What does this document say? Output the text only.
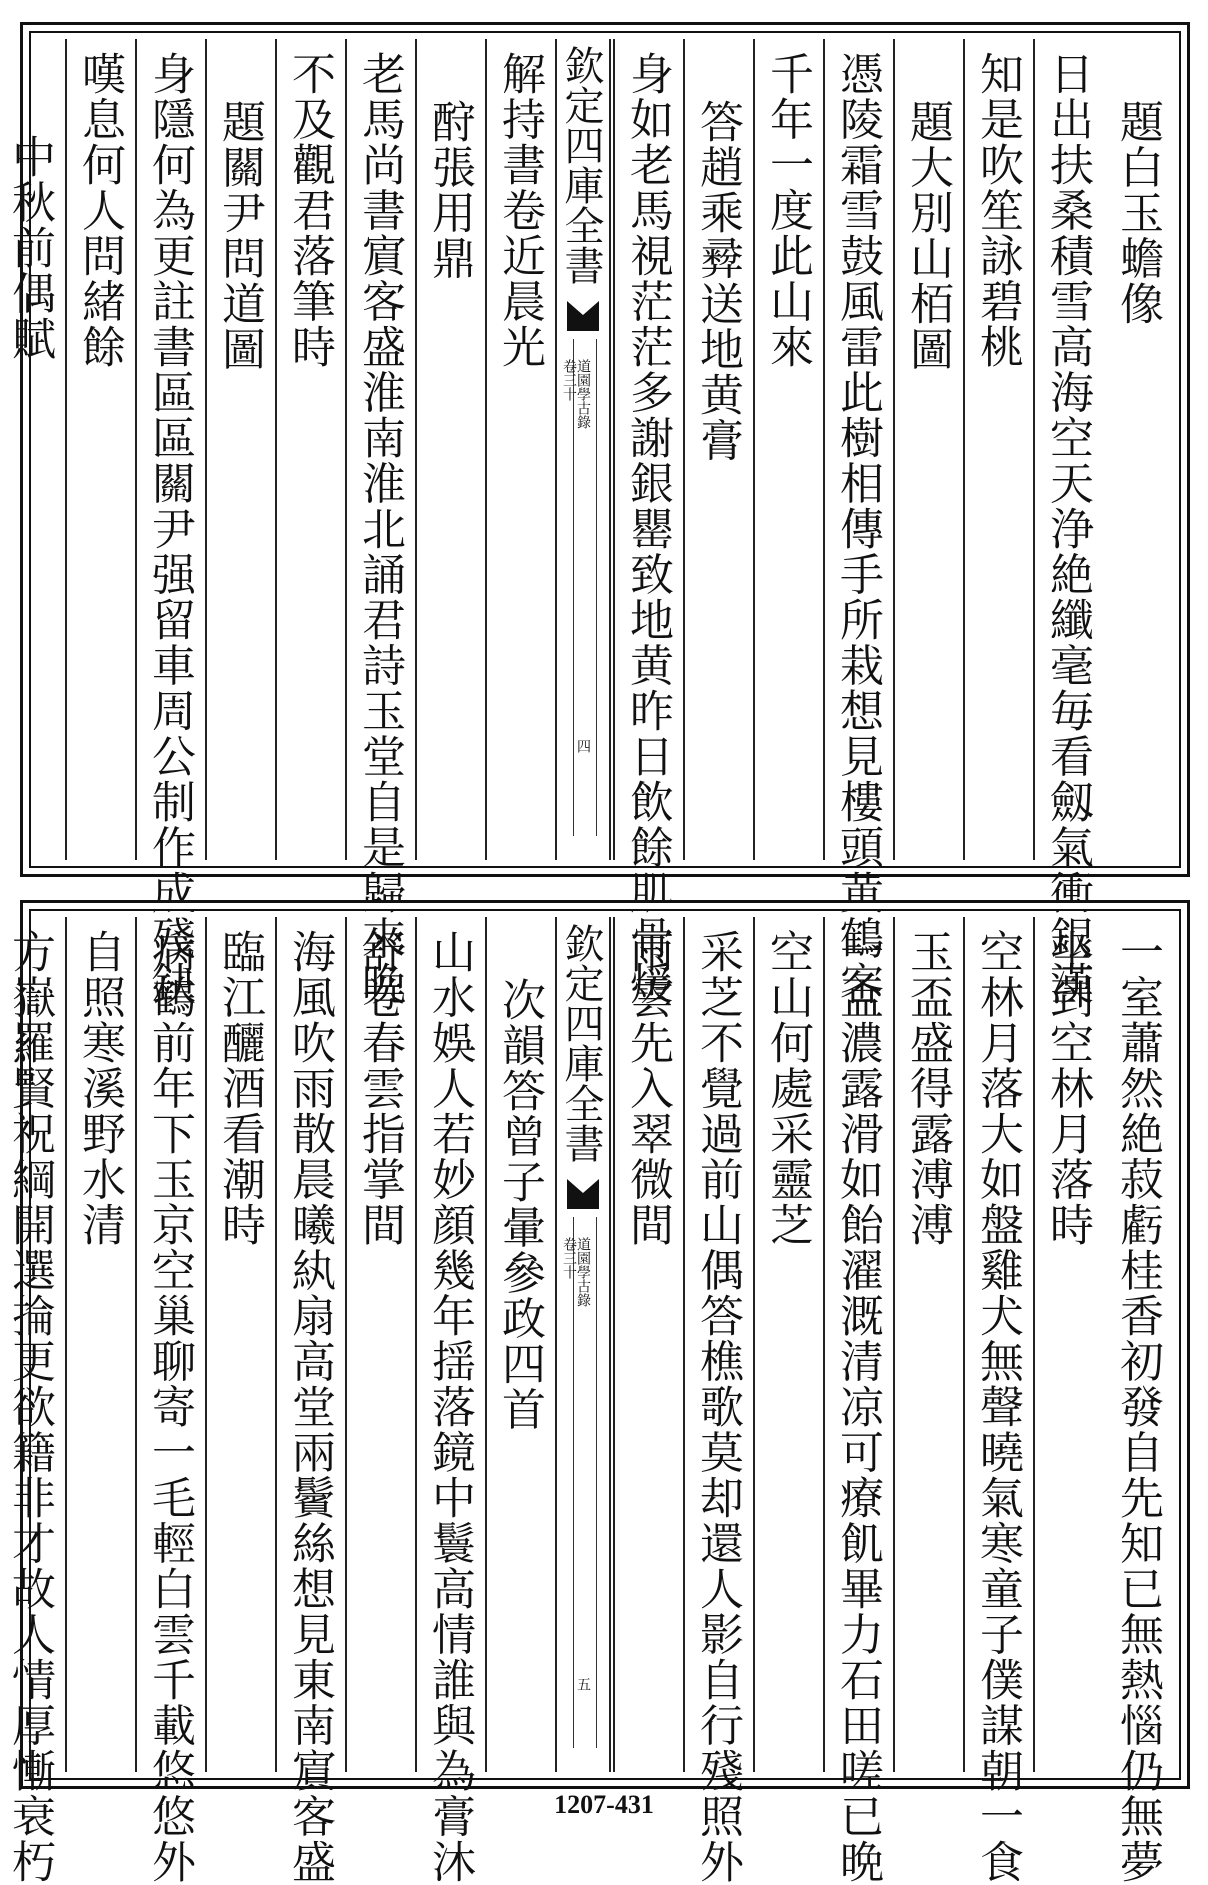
題白玉蟾像
日出扶桑積雪高海空天浄絶纖毫毎看劔氣衝銀漢
知是吹笙詠碧桃
題大別山栢圖
憑陵霜雪鼓風雷此樹相傳手所栽想見樓頭黄鶴客
千年一度此山來
答趙乘彛送地黄膏
身如老馬視茫茫多謝銀罌致地黄昨日飲餘肌骨煖
欽定四庫全書
道園學古錄
卷三十
四
解持書卷近晨光
酧張用鼎
老馬尚書賔客盛淮南淮北誦君詩玉堂自是歸來晩
不及觀君落筆時
題關尹問道圖
身隱何為更註書區區關尹强留車周公制作成殘鈌
嘆息何人問緒餘
中秋前偶賦
一室蕭然絶菽虧桂香初發自先知已無熱惱仍無夢
坐到空林月落時
空林月落大如盤雞犬無聲曉氣寒童子僕謀朝一食
玉盃盛得露溥溥
一盃濃露滑如飴濯溉清凉可療飢畢力石田嗟已晩
空山何處采靈芝
采芝不覺過前山偶答樵歌莫却還人影自行殘照外
雨雲先入翠微間
欽定四庫全書
道園學古錄
卷三十
五
次韻答曾子暈參政四首
山水娛人若妙顔幾年揺落鏡中鬟高情誰與為膏沐
舒卷春雲指掌間
海風吹雨散晨曦紈扇高堂兩鬢絲想見東南賔客盛
臨江釃酒看潮時
病鶴前年下玉京空巢聊寄一毛輕白雲千載悠悠外
自照寒溪野水清
方嶽羅賢祝綱開選掄更欲籍非才故人情厚慚衰朽	1207-431
